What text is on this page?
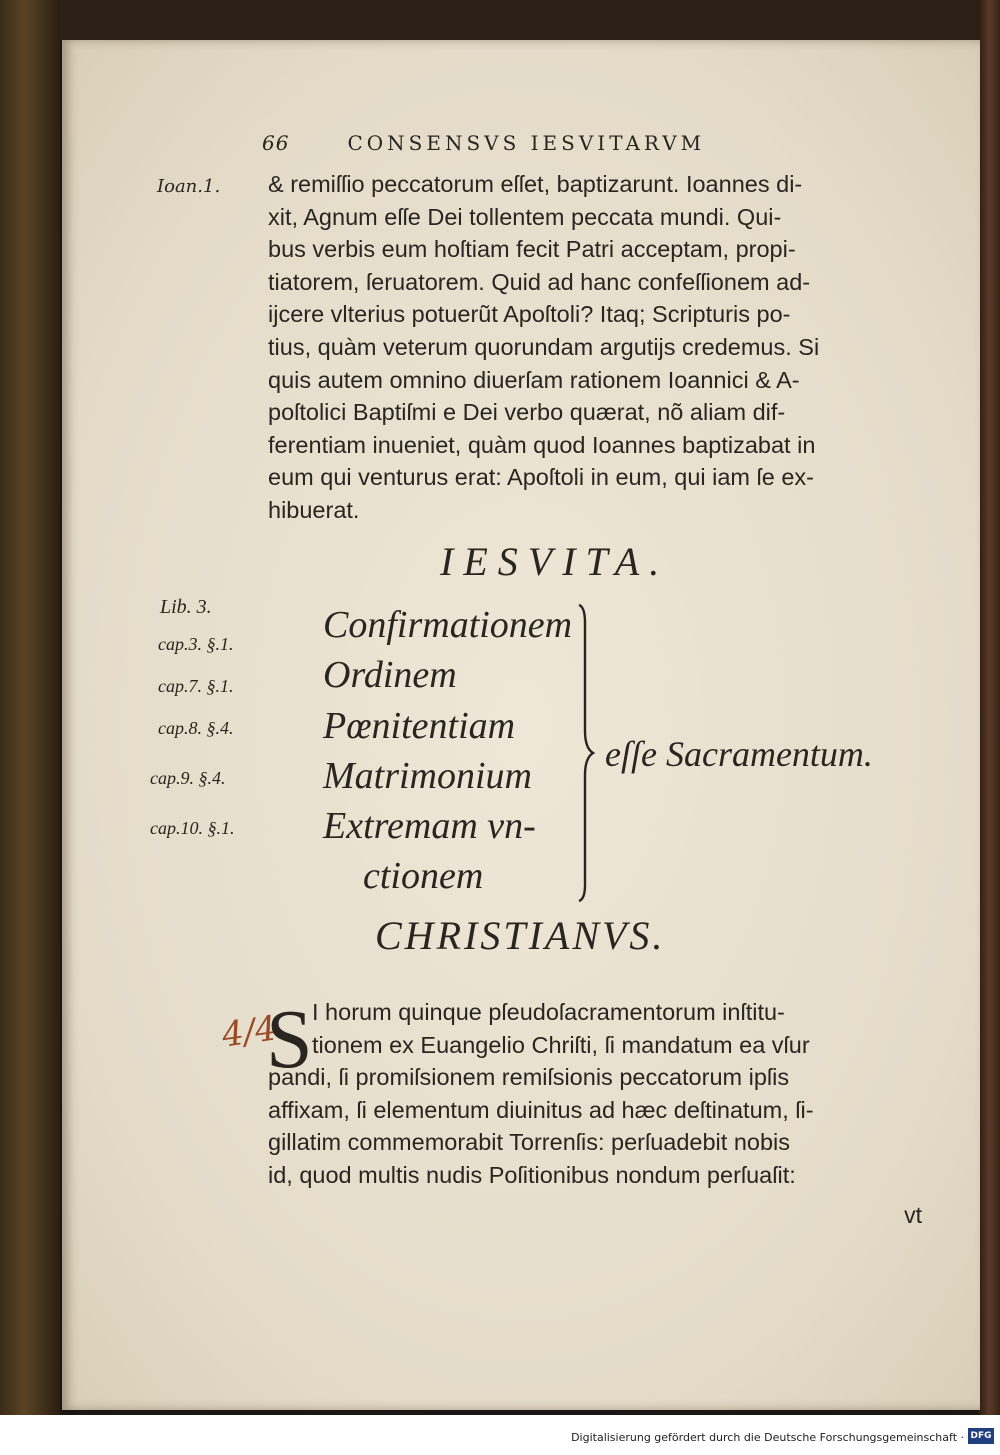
66	CONSENSVS IESVITARVM
Ioan.1. & remiſſio peccatorum eſſet, baptizarunt. Ioannes di-
xit, Agnum eſſe Dei tollentem peccata mundi. Qui-
bus verbis eum hoſtiam fecit Patri acceptam, propi-
tiatorem, ſeruatorem. Quid ad hanc confeſſionem ad-
ijcere vlterius potuerũt Apoſtoli? Itaq; Scripturis po-
tius, quàm veterum quorundam argutijs credemus. Si
quis autem omnino diuerſam rationem Ioannici & A-
poſtolici Baptiſmi e Dei verbo quærat, nõ aliam dif-
ferentiam inueniet, quàm quod Ioannes baptizabat in
eum qui venturus erat: Apoſtoli in eum, qui iam ſe ex-
hibuerat.
IESVITA.
Lib. 3.
cap.3. §.1.
cap.7. §.1.
cap.8. §.4.
cap.9. §.4.
cap.10. §.1.
Confirmationem
Ordinem
Pœnitentiam
Matrimonium
Extremam vn-
ctionem
eſſe Sacramentum.
CHRISTIANVS.
4/4
S I horum quinque pſeudoſacramentorum inſtitu-
tionem ex Euangelio Chriſti, ſi mandatum ea vſur
pandi, ſi promiſsionem remiſsionis peccatorum ipſis
affixam, ſi elementum diuinitus ad hæc deſtinatum, ſi-
gillatim commemorabit Torrenſis: perſuadebit nobis
id, quod multis nudis Poſitionibus nondum perſuaſit:
vt
Digitalisierung gefördert durch die Deutsche Forschungsgemeinschaft · DFG
